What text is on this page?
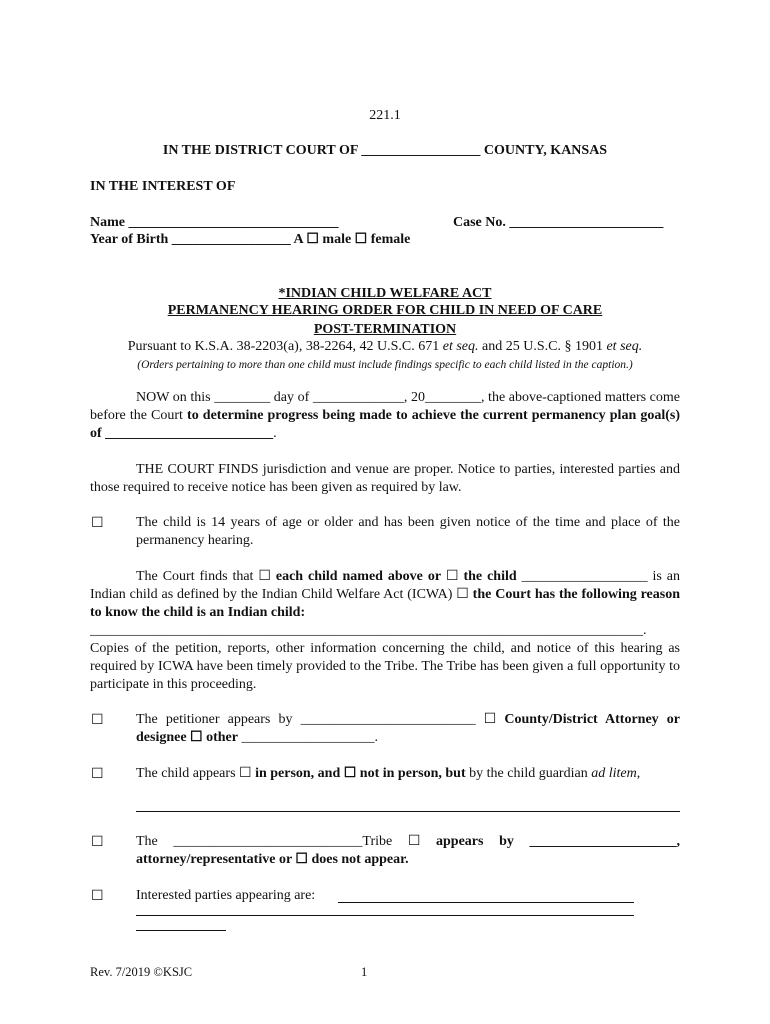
221.1
IN THE DISTRICT COURT OF _________________ COUNTY, KANSAS
IN THE INTEREST OF
Name ______________________________	Case No. ______________________
Year of Birth _________________ A ☐ male ☐ female
*INDIAN CHILD WELFARE ACT
PERMANENCY HEARING ORDER FOR CHILD IN NEED OF CARE
POST-TERMINATION
Pursuant to K.S.A. 38-2203(a), 38-2264, 42 U.S.C. 671 et seq. and 25 U.S.C. § 1901 et seq.
(Orders pertaining to more than one child must include findings specific to each child listed in the caption.)
NOW on this ________ day of _____________, 20________, the above-captioned matters come before the Court to determine progress being made to achieve the current permanency plan goal(s) of ________________________.
THE COURT FINDS jurisdiction and venue are proper. Notice to parties, interested parties and those required to receive notice has been given as required by law.
☐ The child is 14 years of age or older and has been given notice of the time and place of the permanency hearing.
The Court finds that ☐ each child named above or ☐ the child __________________ is an Indian child as defined by the Indian Child Welfare Act (ICWA) ☐ the Court has the following reason to know the child is an Indian child:
_______________________________________________________________________________.
Copies of the petition, reports, other information concerning the child, and notice of this hearing as required by ICWA have been timely provided to the Tribe. The Tribe has been given a full opportunity to participate in this proceeding.
☐ The petitioner appears by _________________________ ☐ County/District Attorney or designee ☐ other ___________________.
☐ The child appears ☐ in person, and ☐ not in person, but by the child guardian ad litem,
☐ The ___________________________Tribe ☐ appears by _____________________, attorney/representative or ☐ does not appear.
☐ Interested parties appearing are:
Rev. 7/2019 ©KSJC	1
